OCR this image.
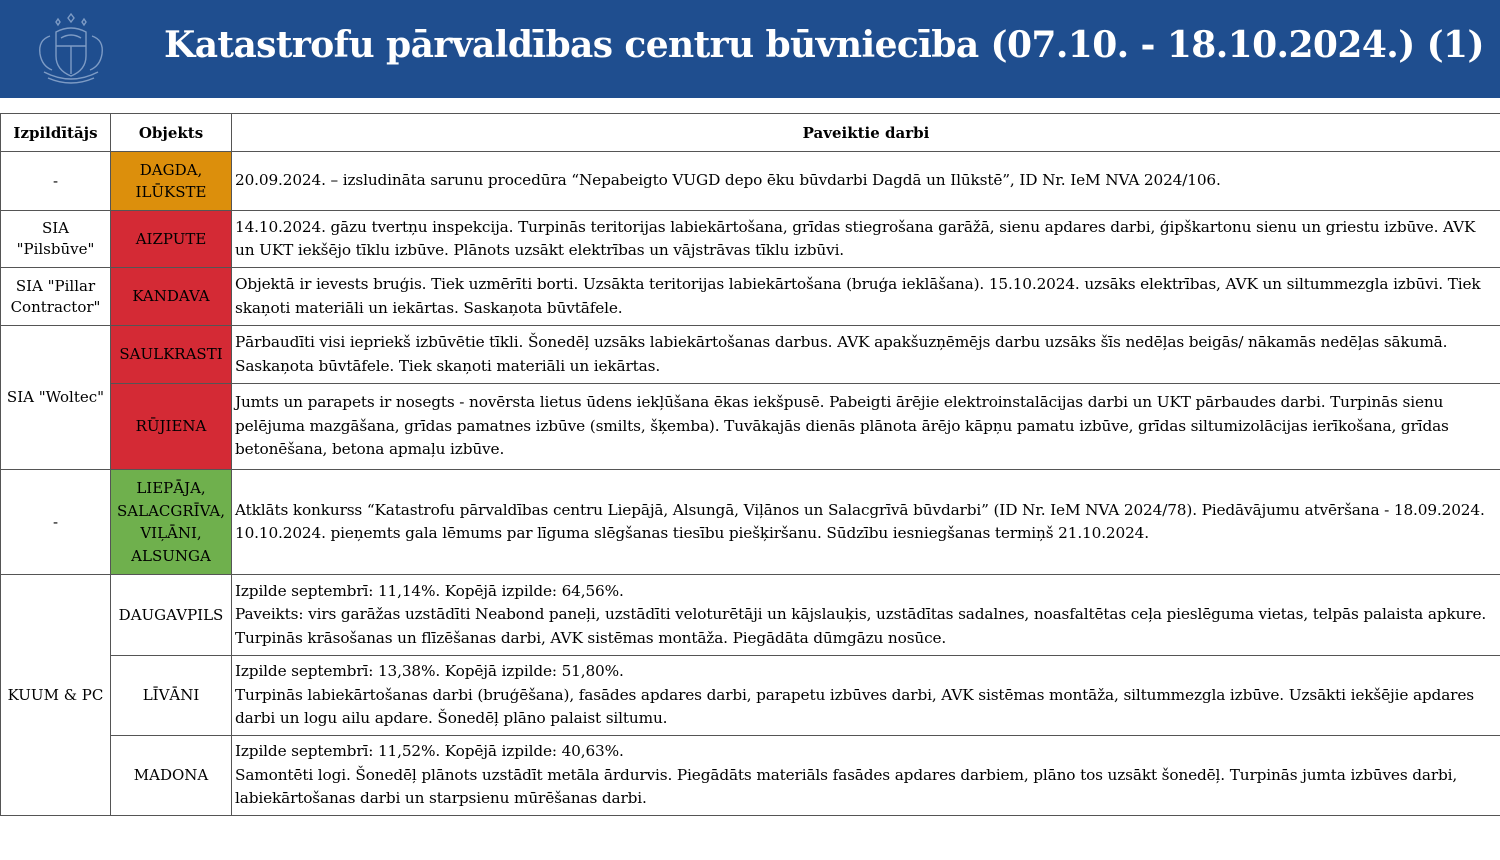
Katastrofu pārvaldības centru būvniecība (07.10. - 18.10.2024.) (1)
Izpildītājs	Objekts	Paveiktie darbi
-	DAGDA, ILŪKSTE	20.09.2024. – izsludināta sarunu procedūra “Nepabeigto VUGD depo ēku būvdarbi Dagdā un Ilūkstē”, ID Nr. IeM NVA 2024/106.
SIA "Pilsbūve"	AIZPUTE	14.10.2024. gāzu tvertņu inspekcija. Turpinās teritorijas labiekārtošana, grīdas stiegrošana garāžā, sienu apdares darbi, ģipškartonu sienu un griestu izbūve. AVK un UKT iekšējo tīklu izbūve. Plānots uzsākt elektrības un vājstrāvas tīklu izbūvi.
SIA "Pillar Contractor"	KANDAVA	Objektā ir ievests bruģis. Tiek uzmērīti borti. Uzsākta teritorijas labiekārtošana (bruģa ieklāšana). 15.10.2024. uzsāks elektrības, AVK un siltummezgla izbūvi. Tiek skaņoti materiāli un iekārtas. Saskaņota būvtāfele.
SIA "Woltec"	SAULKRASTI	Pārbaudīti visi iepriekš izbūvētie tīkli. Šonedēļ uzsāks labiekārtošanas darbus. AVK apakšuzņēmējs darbu uzsāks šīs nedēļas beigās/ nākamās nedēļas sākumā. Saskaņota būvtāfele. Tiek skaņoti materiāli un iekārtas.
	RŪJIENA	Jumts un parapets ir nosegts - novērsta lietus ūdens iekļūšana ēkas iekšpusē. Pabeigti ārējie elektroinstalācijas darbi un UKT pārbaudes darbi. Turpinās sienu pelējuma mazgāšana, grīdas pamatnes izbūve (smilts, šķemba). Tuvākajās dienās plānota ārējo kāpņu pamatu izbūve, grīdas siltumizolācijas ierīkošana, grīdas betonēšana, betona apmaļu izbūve.
-	LIEPĀJA, SALACGRĪVA, VIĻĀNI, ALSUNGA	Atklāts konkurss “Katastrofu pārvaldības centru Liepājā, Alsungā, Viļānos un Salacgrīvā būvdarbi” (ID Nr. IeM NVA 2024/78). Piedāvājumu atvēršana - 18.09.2024.
10.10.2024. pieņemts gala lēmums par līguma slēgšanas tiesību piešķiršanu. Sūdzību iesniegšanas termiņš 21.10.2024.
KUUM & PC	DAUGAVPILS	Izpilde septembrī: 11,14%. Kopējā izpilde: 64,56%.
Paveikts: virs garāžas uzstādīti Neabond paneļi, uzstādīti veloturētāji un kājslauķis, uzstādītas sadalnes, noasfaltētas ceļa pieslēguma vietas, telpās palaista apkure. Turpinās krāsošanas un flīzēšanas darbi, AVK sistēmas montāža. Piegādāta dūmgāzu nosūce.
	LĪVĀNI	Izpilde septembrī: 13,38%. Kopējā izpilde: 51,80%.
Turpinās labiekārtošanas darbi (bruģēšana), fasādes apdares darbi, parapetu izbūves darbi, AVK sistēmas montāža, siltummezgla izbūve. Uzsākti iekšējie apdares darbi un logu ailu apdare. Šonedēļ plāno palaist siltumu.
	MADONA	Izpilde septembrī: 11,52%. Kopējā izpilde: 40,63%.
Samontēti logi. Šonedēļ plānots uzstādīt metāla ārdurvis. Piegādāts materiāls fasādes apdares darbiem, plāno tos uzsākt šonedēļ. Turpinās jumta izbūves darbi, labiekārtošanas darbi un starpsienu mūrēšanas darbi.
